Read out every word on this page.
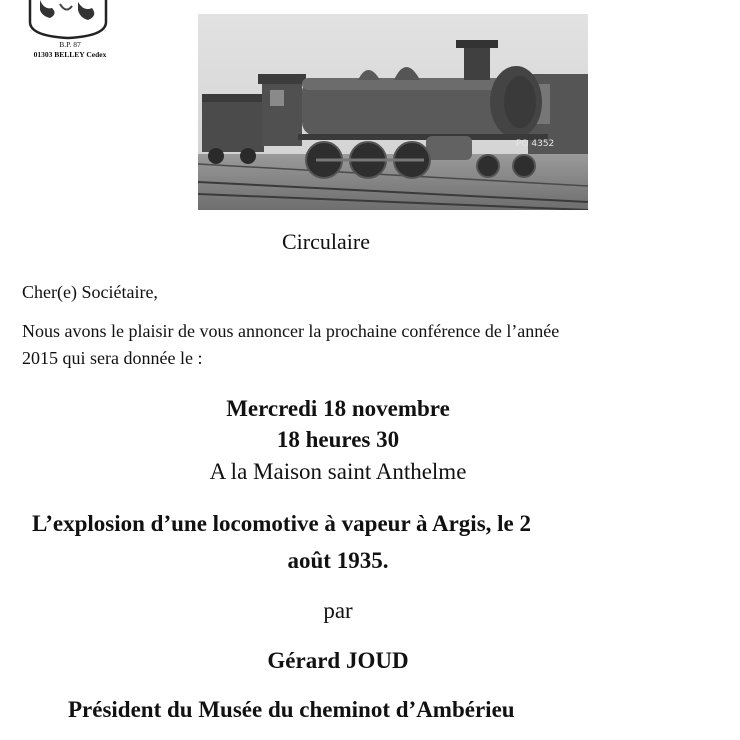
B.P. 87
01303 BELLEY Cedex
PO 4352
Circulaire
Cher(e) Sociétaire,
Nous avons le plaisir de vous annoncer la prochaine conférence de l’année
2015 qui sera donnée le :
Mercredi 18 novembre
18 heures 30
A la Maison saint Anthelme
L’explosion d’une locomotive à vapeur à Argis, le 2
août 1935.
par
Gérard JOUD
Président du Musée du cheminot d’Ambérieu
